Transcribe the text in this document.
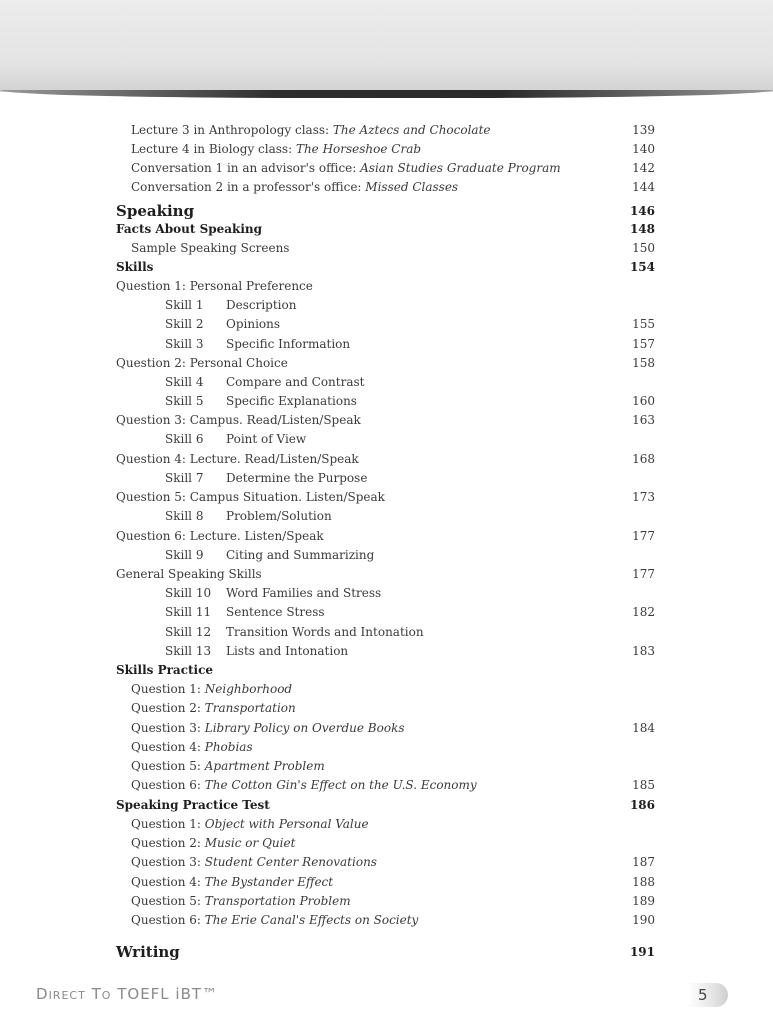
Lecture 3 in Anthropology class: The Aztecs and Chocolate	139
Lecture 4 in Biology class: The Horseshoe Crab	140
Conversation 1 in an advisor's office: Asian Studies Graduate Program	142
Conversation 2 in a professor's office: Missed Classes	144
Speaking	146
Facts About Speaking	148
Sample Speaking Screens	150
Skills	154
Question 1: Personal Preference
Skill 1 Description
Skill 2 Opinions	155
Skill 3 Specific Information	157
Question 2: Personal Choice	158
Skill 4 Compare and Contrast
Skill 5 Specific Explanations	160
Question 3: Campus. Read/Listen/Speak	163
Skill 6 Point of View
Question 4: Lecture. Read/Listen/Speak	168
Skill 7 Determine the Purpose
Question 5: Campus Situation. Listen/Speak	173
Skill 8 Problem/Solution
Question 6: Lecture. Listen/Speak	177
Skill 9 Citing and Summarizing
General Speaking Skills	177
Skill 10 Word Families and Stress
Skill 11 Sentence Stress	182
Skill 12 Transition Words and Intonation
Skill 13 Lists and Intonation	183
Skills Practice
Question 1: Neighborhood
Question 2: Transportation
Question 3: Library Policy on Overdue Books	184
Question 4: Phobias
Question 5: Apartment Problem
Question 6: The Cotton Gin's Effect on the U.S. Economy	185
Speaking Practice Test	186
Question 1: Object with Personal Value
Question 2: Music or Quiet
Question 3: Student Center Renovations	187
Question 4: The Bystander Effect	188
Question 5: Transportation Problem	189
Question 6: The Erie Canal's Effects on Society	190
Writing	191
DIRECT TO TOEFL iBT™	5
